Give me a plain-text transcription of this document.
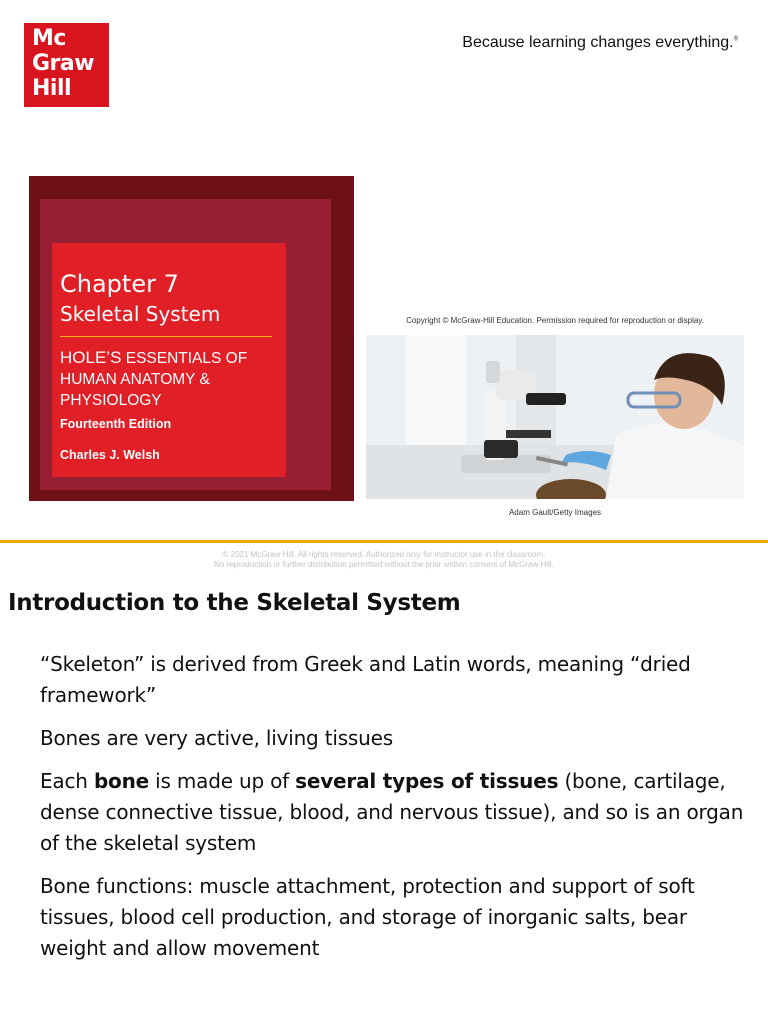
Mc
Graw
Hill
Because learning changes everything.®
Chapter 7
Skeletal System
HOLE’S ESSENTIALS OF HUMAN ANATOMY & PHYSIOLOGY
Fourteenth Edition
Charles J. Welsh
Copyright © McGraw-Hill Education. Permission required for reproduction or display.
Adam Gault/Getty Images
© 2021 McGraw Hill. All rights reserved. Authorized only for instructor use in the classroom.
No reproduction or further distribution permitted without the prior written consent of McGraw Hill.
Introduction to the Skeletal System

“Skeleton” is derived from Greek and Latin words, meaning “dried framework”

Bones are very active, living tissues

Each bone is made up of several types of tissues (bone, cartilage, dense connective tissue, blood, and nervous tissue), and so is an organ of the skeletal system

Bone functions: muscle attachment, protection and support of soft tissues, blood cell production, and storage of inorganic salts, bear weight and allow movement
